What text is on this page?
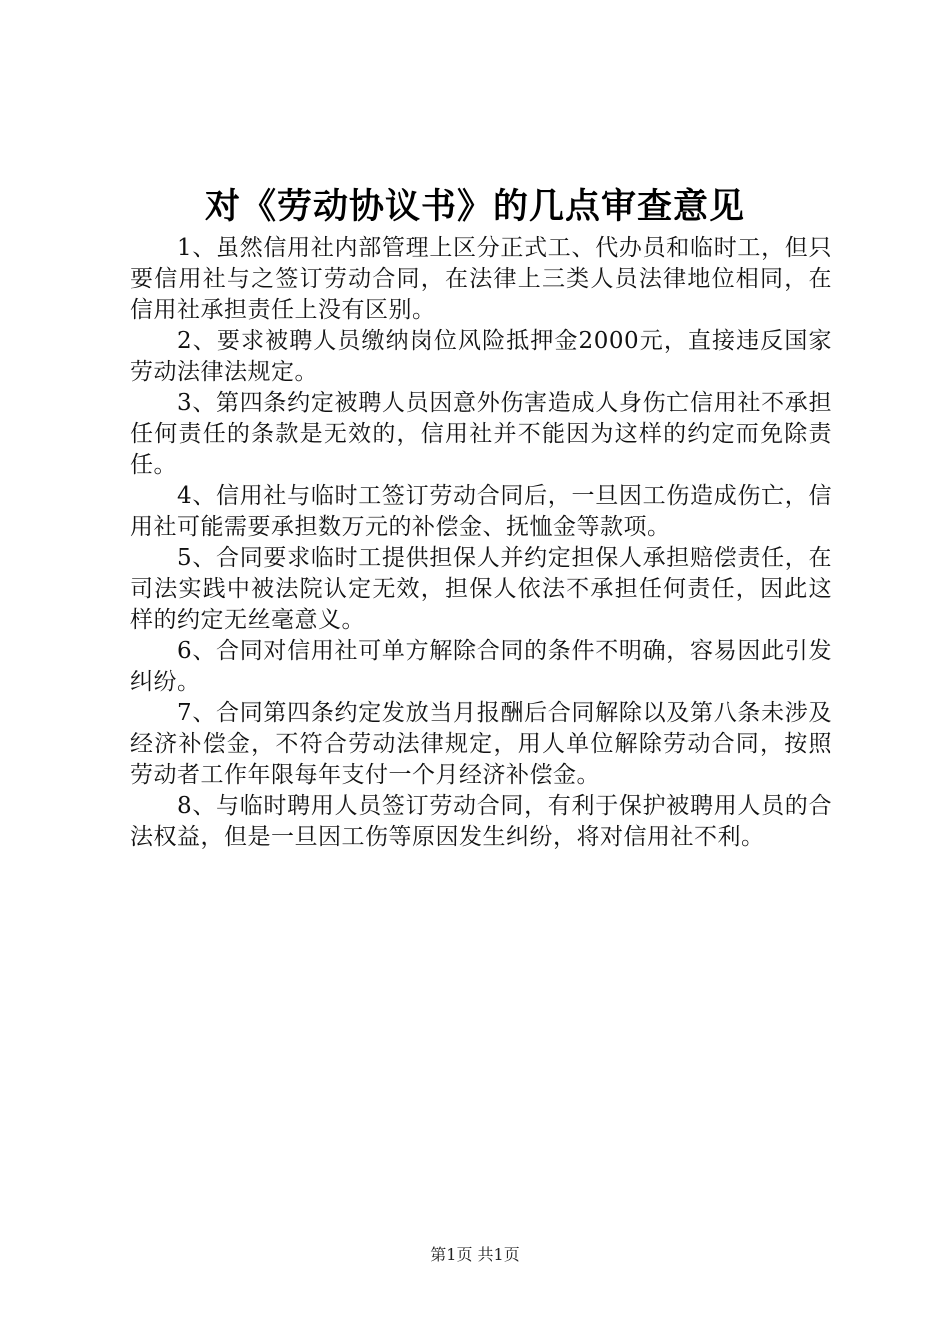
对《劳动协议书》的几点审查意见

1、虽然信用社内部管理上区分正式工、代办员和临时工，但只要信用社与之签订劳动合同，在法律上三类人员法律地位相同，在信用社承担责任上没有区别。

2、要求被聘人员缴纳岗位风险抵押金2000元，直接违反国家劳动法律法规定。

3、第四条约定被聘人员因意外伤害造成人身伤亡信用社不承担任何责任的条款是无效的，信用社并不能因为这样的约定而免除责任。

4、信用社与临时工签订劳动合同后，一旦因工伤造成伤亡，信用社可能需要承担数万元的补偿金、抚恤金等款项。

5、合同要求临时工提供担保人并约定担保人承担赔偿责任，在司法实践中被法院认定无效，担保人依法不承担任何责任，因此这样的约定无丝毫意义。

6、合同对信用社可单方解除合同的条件不明确，容易因此引发纠纷。

7、合同第四条约定发放当月报酬后合同解除以及第八条未涉及经济补偿金，不符合劳动法律规定，用人单位解除劳动合同，按照劳动者工作年限每年支付一个月经济补偿金。

8、与临时聘用人员签订劳动合同，有利于保护被聘用人员的合法权益，但是一旦因工伤等原因发生纠纷，将对信用社不利。

第1页 共1页
